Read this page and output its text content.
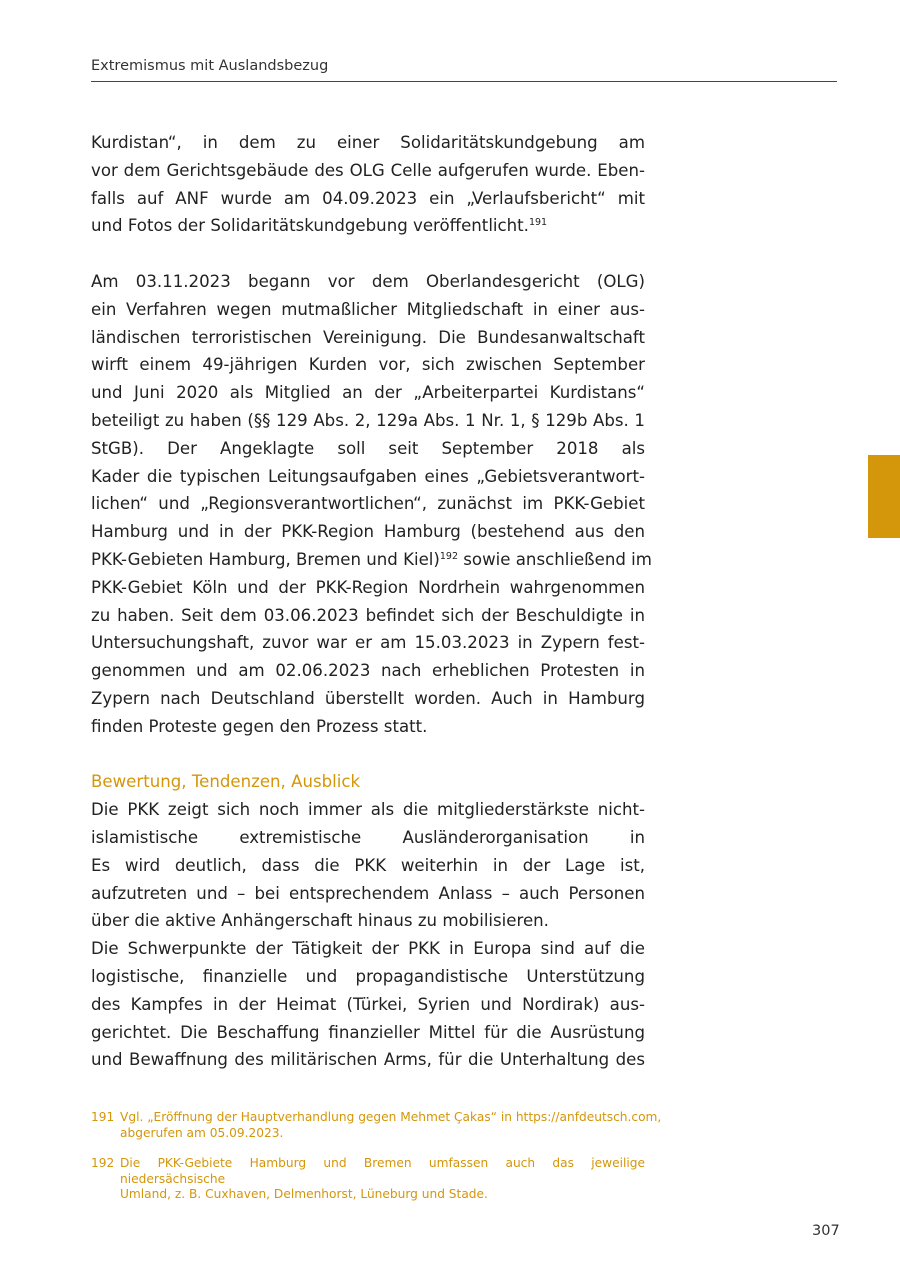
Extremismus mit Auslandsbezug
Kurdistan“, in dem zu einer Solidaritätskundgebung am
vor dem Gerichtsgebäude des OLG Celle aufgerufen wurde. Eben-
falls auf ANF wurde am 04.09.2023 ein „Verlaufsbericht“ mit
und Fotos der Solidaritätskundgebung veröffentlicht.$^{191}$
Am 03.11.2023 begann vor dem Oberlandesgericht (OLG)
ein Verfahren wegen mutmaßlicher Mitgliedschaft in einer aus-
ländischen terroristischen Vereinigung. Die Bundesanwaltschaft
wirft einem 49-jährigen Kurden vor, sich zwischen September
und Juni 2020 als Mitglied an der „Arbeiterpartei Kurdistans“
beteiligt zu haben (§§ 129 Abs. 2, 129a Abs. 1 Nr. 1, § 129b Abs. 1
StGB). Der Angeklagte soll seit September 2018 als
Kader die typischen Leitungsaufgaben eines „Gebietsverantwort-
lichen“ und „Regionsverantwortlichen“, zunächst im PKK-Gebiet
Hamburg und in der PKK-Region Hamburg (bestehend aus den
PKK-Gebieten Hamburg, Bremen und Kiel)$^{192}$ sowie anschließend im
PKK-Gebiet Köln und der PKK-Region Nordrhein wahrgenommen
zu haben. Seit dem 03.06.2023 befindet sich der Beschuldigte in
Untersuchungshaft, zuvor war er am 15.03.2023 in Zypern fest-
genommen und am 02.06.2023 nach erheblichen Protesten in
Zypern nach Deutschland überstellt worden. Auch in Hamburg
finden Proteste gegen den Prozess statt.
Bewertung, Tendenzen, Ausblick
Die PKK zeigt sich noch immer als die mitgliederstärkste nicht-
islamistische extremistische Ausländerorganisation in
Es wird deutlich, dass die PKK weiterhin in der Lage ist,
aufzutreten und – bei entsprechendem Anlass – auch Personen
über die aktive Anhängerschaft hinaus zu mobilisieren.
Die Schwerpunkte der Tätigkeit der PKK in Europa sind auf die
logistische, finanzielle und propagandistische Unterstützung
des Kampfes in der Heimat (Türkei, Syrien und Nordirak) aus-
gerichtet. Die Beschaffung finanzieller Mittel für die Ausrüstung
und Bewaffnung des militärischen Arms, für die Unterhaltung des
191 Vgl. „Eröffnung der Hauptverhandlung gegen Mehmet Çakas“ in https://anfdeutsch.com,
abgerufen am 05.09.2023.
192 Die PKK-Gebiete Hamburg und Bremen umfassen auch das jeweilige niedersächsische
Umland, z. B. Cuxhaven, Delmenhorst, Lüneburg und Stade.
307
